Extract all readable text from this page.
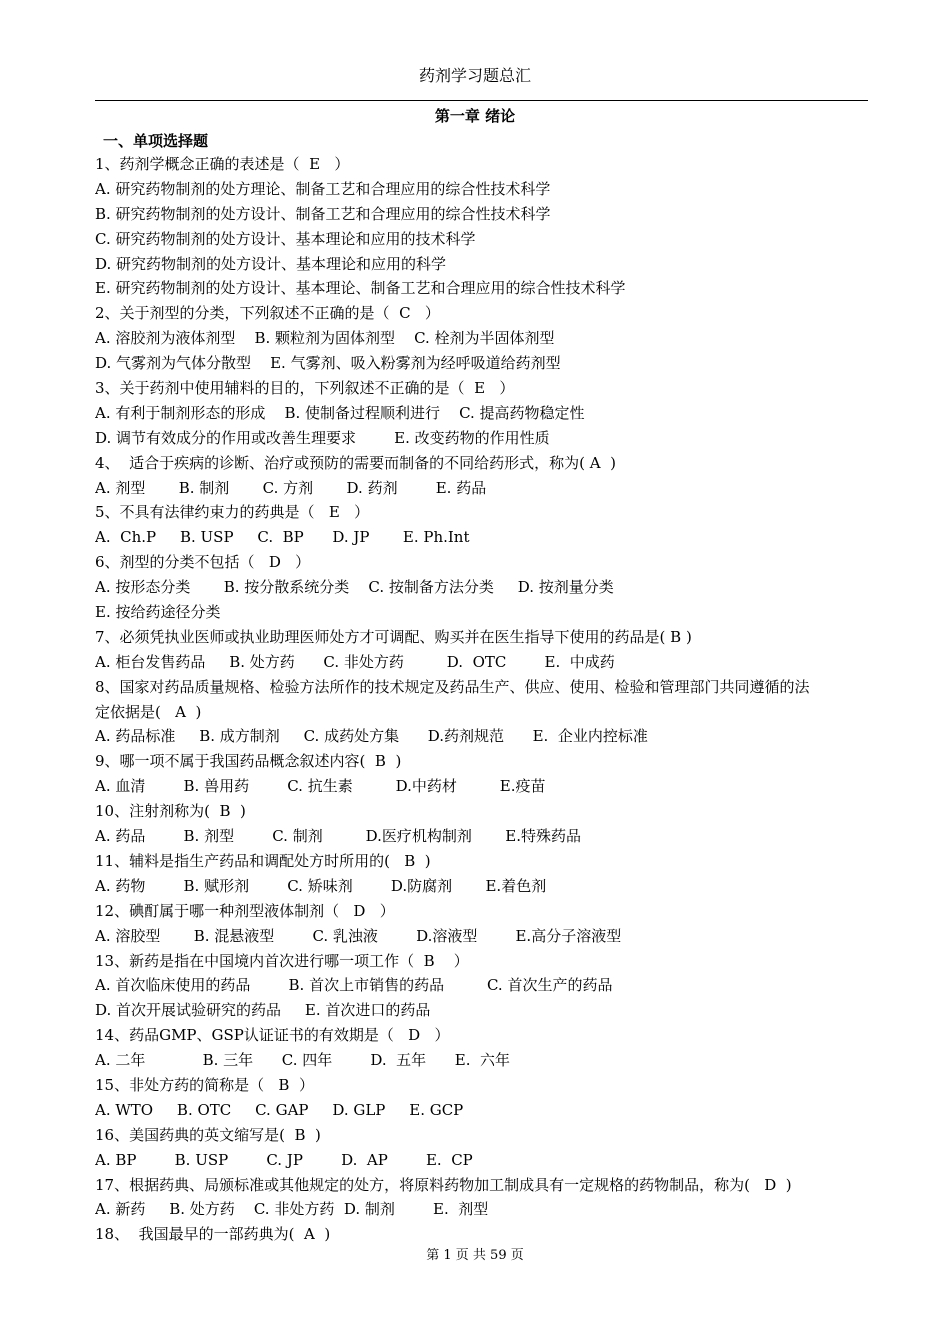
药剂学习题总汇
第一章 绪论
一、单项选择题
1、药剂学概念正确的表述是（  E   ）
A. 研究药物制剂的处方理论、制备工艺和合理应用的综合性技术科学
B. 研究药物制剂的处方设计、制备工艺和合理应用的综合性技术科学
C. 研究药物制剂的处方设计、基本理论和应用的技术科学
D. 研究药物制剂的处方设计、基本理论和应用的科学
E. 研究药物制剂的处方设计、基本理论、制备工艺和合理应用的综合性技术科学
2、关于剂型的分类，下列叙述不正确的是（  C   ）
A. 溶胶剂为液体剂型    B. 颗粒剂为固体剂型    C. 栓剂为半固体剂型
D. 气雾剂为气体分散型    E. 气雾剂、吸入粉雾剂为经呼吸道给药剂型
3、关于药剂中使用辅料的目的，下列叙述不正确的是（  E   ）
A. 有利于制剂形态的形成    B. 使制备过程顺利进行    C. 提高药物稳定性
D. 调节有效成分的作用或改善生理要求        E. 改变药物的作用性质
4、  适合于疾病的诊断、治疗或预防的需要而制备的不同给药形式，称为( A  )
A. 剂型       B. 制剂       C. 方剂       D. 药剂        E. 药品
5、不具有法律约束力的药典是（   E   ）
A.  Ch.P     B. USP     C.  BP      D. JP       E. Ph.Int
6、剂型的分类不包括（   D   ）
A. 按形态分类       B. 按分散系统分类    C. 按制备方法分类     D. 按剂量分类
E. 按给药途径分类
7、必须凭执业医师或执业助理医师处方才可调配、购买并在医生指导下使用的药品是( B )
A. 柜台发售药品     B. 处方药      C. 非处方药         D.  OTC        E.  中成药
8、国家对药品质量规格、检验方法所作的技术规定及药品生产、供应、使用、检验和管理部门共同遵循的法
定依据是(   A  )
A. 药品标准     B. 成方制剂     C. 成药处方集      D.药剂规范      E.  企业内控标准
9、哪一项不属于我国药品概念叙述内容(  B  )
A. 血清        B. 兽用药        C. 抗生素         D.中药材         E.疫苗
10、注射剂称为(  B  )
A. 药品        B. 剂型        C. 制剂         D.医疗机构制剂       E.特殊药品
11、辅料是指生产药品和调配处方时所用的(   B  )
A. 药物        B. 赋形剂        C. 矫味剂        D.防腐剂       E.着色剂
12、碘酊属于哪一种剂型液体制剂（   D   ）
A. 溶胶型       B. 混悬液型        C. 乳浊液        D.溶液型        E.高分子溶液型
13、新药是指在中国境内首次进行哪一项工作（  B    ）
A. 首次临床使用的药品        B. 首次上市销售的药品         C. 首次生产的药品
D. 首次开展试验研究的药品     E. 首次进口的药品
14、药品GMP、GSP认证证书的有效期是（   D   ）
A. 二年            B. 三年      C. 四年        D.  五年      E.  六年
15、非处方药的简称是（   B  ）
A. WTO     B. OTC     C. GAP     D. GLP     E. GCP
16、美国药典的英文缩写是(  B  )
A. BP        B. USP        C. JP        D.  AP        E.  CP
17、根据药典、局颁标准或其他规定的处方，将原料药物加工制成具有一定规格的药物制品，称为(   D  )
A. 新药     B. 处方药    C. 非处方药  D. 制剂        E.  剂型
18、  我国最早的一部药典为(  A  )
第 1 页 共 59 页
